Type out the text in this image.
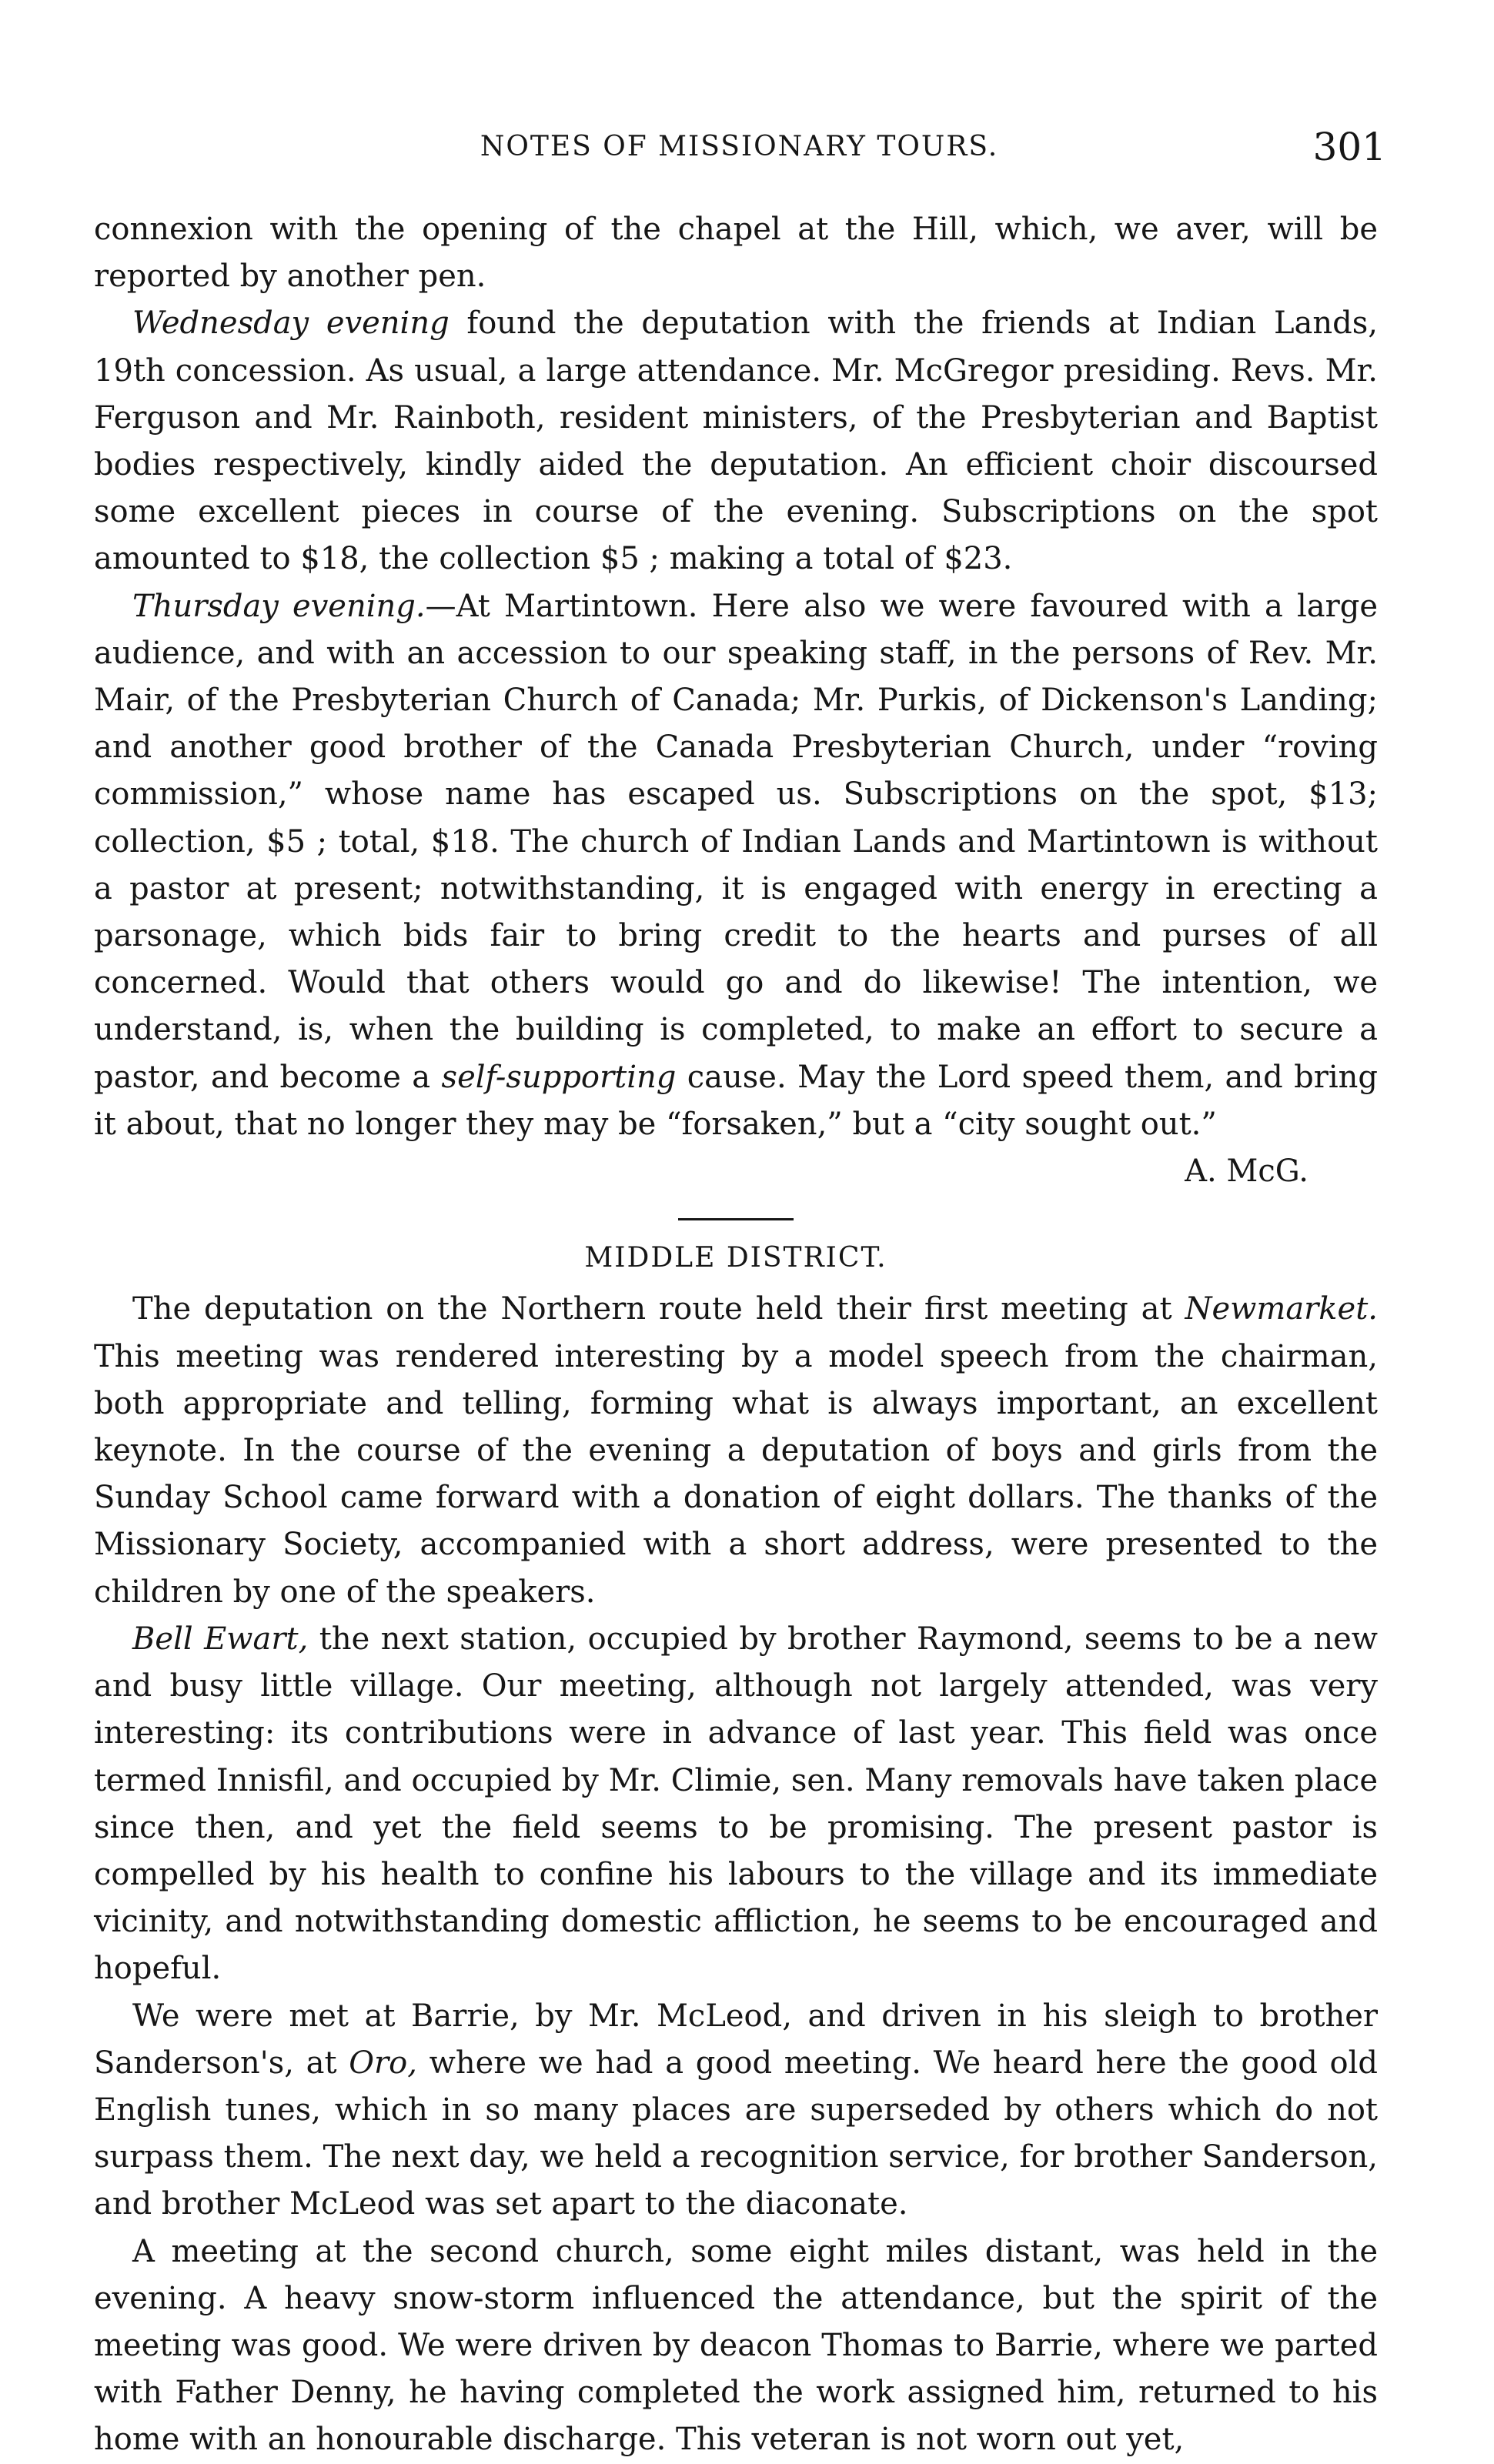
NOTES OF MISSIONARY TOURS.	301

connexion with the opening of the chapel at the Hill, which, we aver, will be reported by another pen.

Wednesday evening found the deputation with the friends at Indian Lands, 19th concession. As usual, a large attendance. Mr. McGregor presiding. Revs. Mr. Ferguson and Mr. Rainboth, resident ministers, of the Presbyterian and Baptist bodies respectively, kindly aided the deputation. An efficient choir discoursed some excellent pieces in course of the evening. Subscriptions on the spot amounted to $18, the collection $5 ; making a total of $23.

Thursday evening.—At Martintown. Here also we were favoured with a large audience, and with an accession to our speaking staff, in the persons of Rev. Mr. Mair, of the Presbyterian Church of Canada; Mr. Purkis, of Dickenson's Landing; and another good brother of the Canada Presbyterian Church, under “roving commission,” whose name has escaped us. Subscriptions on the spot, $13; collection, $5 ; total, $18. The church of Indian Lands and Martintown is without a pastor at present; notwithstanding, it is engaged with energy in erecting a parsonage, which bids fair to bring credit to the hearts and purses of all concerned. Would that others would go and do likewise! The intention, we understand, is, when the building is completed, to make an effort to secure a pastor, and become a self-supporting cause. May the Lord speed them, and bring it about, that no longer they may be “forsaken,” but a “city sought out.”

A. McG.

MIDDLE DISTRICT.

The deputation on the Northern route held their first meeting at Newmarket. This meeting was rendered interesting by a model speech from the chairman, both appropriate and telling, forming what is always important, an excellent keynote. In the course of the evening a deputation of boys and girls from the Sunday School came forward with a donation of eight dollars. The thanks of the Missionary Society, accompanied with a short address, were presented to the children by one of the speakers.

Bell Ewart, the next station, occupied by brother Raymond, seems to be a new and busy little village. Our meeting, although not largely attended, was very interesting: its contributions were in advance of last year. This field was once termed Innisfil, and occupied by Mr. Climie, sen. Many removals have taken place since then, and yet the field seems to be promising. The present pastor is compelled by his health to confine his labours to the village and its immediate vicinity, and notwithstanding domestic affliction, he seems to be encouraged and hopeful.

We were met at Barrie, by Mr. McLeod, and driven in his sleigh to brother Sanderson's, at Oro, where we had a good meeting. We heard here the good old English tunes, which in so many places are superseded by others which do not surpass them. The next day, we held a recognition service, for brother Sanderson, and brother McLeod was set apart to the diaconate.

A meeting at the second church, some eight miles distant, was held in the evening. A heavy snow-storm influenced the attendance, but the spirit of the meeting was good. We were driven by deacon Thomas to Barrie, where we parted with Father Denny, he having completed the work assigned him, returned to his home with an honourable discharge. This veteran is not worn out yet,
